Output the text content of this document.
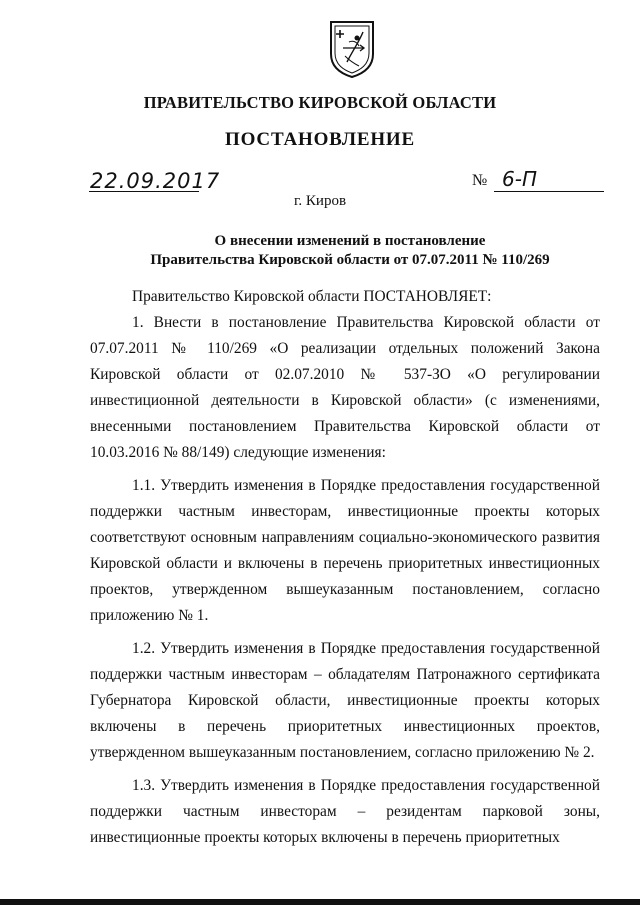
ПРАВИТЕЛЬСТВО КИРОВСКОЙ ОБЛАСТИ
ПОСТАНОВЛЕНИЕ
22.09.2017	№ 6-П
г. Киров
О внесении изменений в постановление
Правительства Кировской области от 07.07.2011 № 110/269

Правительство Кировской области ПОСТАНОВЛЯЕТ:

1. Внести в постановление Правительства Кировской области от 07.07.2011 № 110/269 «О реализации отдельных положений Закона Кировской области от 02.07.2010 № 537-ЗО «О регулировании инвестиционной деятельности в Кировской области» (с изменениями, внесенными постановлением Правительства Кировской области от 10.03.2016 № 88/149) следующие изменения:

1.1. Утвердить изменения в Порядке предоставления государственной поддержки частным инвесторам, инвестиционные проекты которых соответствуют основным направлениям социально-экономического развития Кировской области и включены в перечень приоритетных инвестиционных проектов, утвержденном вышеуказанным постановлением, согласно приложению № 1.

1.2. Утвердить изменения в Порядке предоставления государственной поддержки частным инвесторам – обладателям Патронажного сертификата Губернатора Кировской области, инвестиционные проекты которых включены в перечень приоритетных инвестиционных проектов, утвержденном вышеуказанным постановлением, согласно приложению № 2.

1.3. Утвердить изменения в Порядке предоставления государственной поддержки частным инвесторам – резидентам парковой зоны, инвестиционные проекты которых включены в перечень приоритетных
